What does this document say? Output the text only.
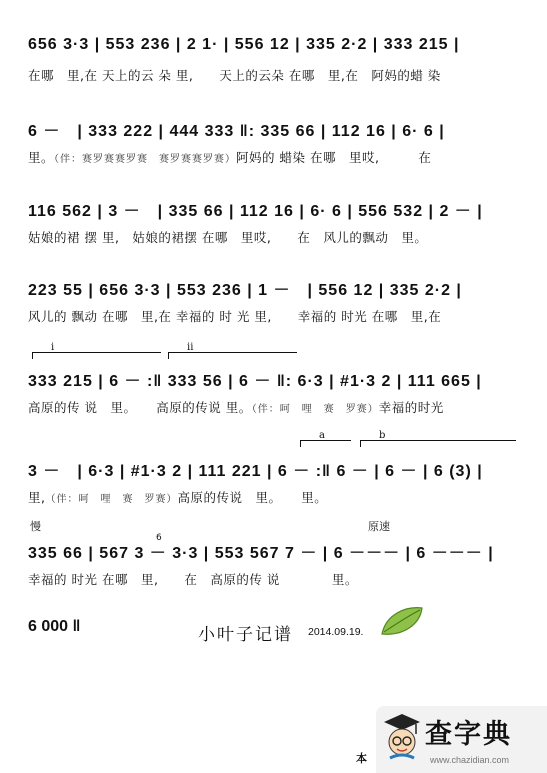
656 3·3 | 553 236 | 2 1· | 556 12 | 335 2·2 | 333 215 |
在哪　里,在 天上的云 朵 里,　　天上的云朵 在哪　里,在　阿妈的蜡 染
6 －　| 333 222 | 444 333 ‖: 335 66 | 112 16 | 6· 6 |
里。（伴：赛罗赛赛罗赛　赛罗赛赛罗赛）阿妈的 蜡染 在哪　里哎,　　　在
116 562 | 3 －　| 335 66 | 112 16 | 6· 6 | 556 532 | 2 － |
姑娘的裙 摆 里,　姑娘的裙摆 在哪　里哎,　　在　风儿的飘动　里。
223 55 | 656 3·3 | 553 236 | 1 －　| 556 12 | 335 2·2 |
风儿的 飘动 在哪　里,在 幸福的 时 光 里,　　幸福的 时光 在哪　里,在
i	ii
333 215 | 6 － :‖ 333 56 | 6 － ‖: 6·3 | #1·3 2 | 111 665 |
高原的传 说　里。　　高原的传说 里。（伴：呵　哩　赛　罗赛）幸福的时光
a	b
3 －　| 6·3 | #1·3 2 | 111 221 | 6 － :‖ 6 － | 6 － | 6 (3) |
里,（伴：呵　哩　赛　罗赛）高原的传说　里。　　里。
慢	原速
6
335 66 | 567 3 － 3·3 | 553 567 7 － | 6 －－－ | 6 －－－ |
幸福的 时光 在哪　里,　　在　高原的传 说　　　　里。
6 000 ‖	小叶子记谱 2014.09.19.
本
查字典
www.chazidian.com
